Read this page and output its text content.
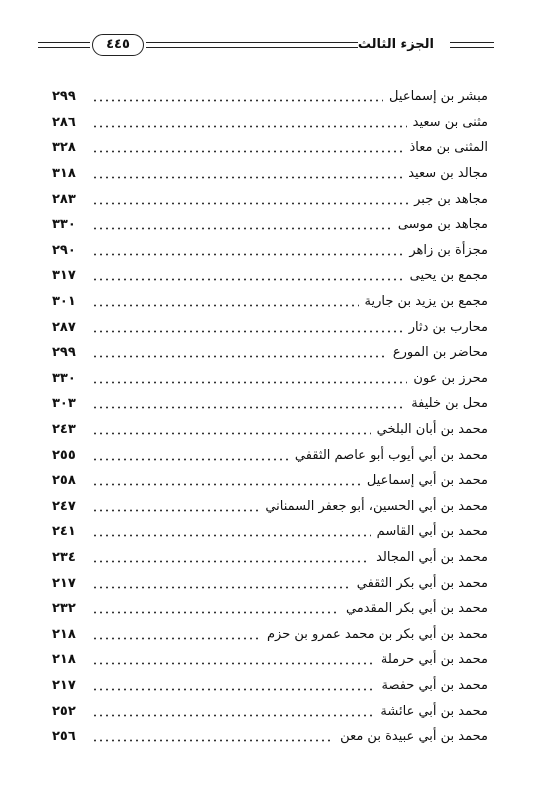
الجزء الثالث
٤٤٥
مبشر بن إسماعيل
٢٩٩
مثنى بن سعيد
٢٨٦
المثنى بن معاذ
٣٢٨
مجالد بن سعيد
٣١٨
مجاهد بن جبر
٢٨٣
مجاهد بن موسى
٣٣٠
مجزأة بن زاهر
٢٩٠
مجمع بن يحيى
٣١٧
مجمع بن يزيد بن جارية
٣٠١
محارب بن دثار
٢٨٧
محاضر بن المورع
٢٩٩
محرز بن عون
٣٣٠
محل بن خليفة
٣٠٣
محمد بن أبان البلخي
٢٤٣
محمد بن أبي أيوب أبو عاصم الثقفي
٢٥٥
محمد بن أبي إسماعيل
٢٥٨
محمد بن أبي الحسين، أبو جعفر السمناني
٢٤٧
محمد بن أبي القاسم
٢٤١
محمد بن أبي المجالد
٢٣٤
محمد بن أبي بكر الثقفي
٢١٧
محمد بن أبي بكر المقدمي
٢٣٢
محمد بن أبي بكر بن محمد عمرو بن حزم
٢١٨
محمد بن أبي حرملة
٢١٨
محمد بن أبي حفصة
٢١٧
محمد بن أبي عائشة
٢٥٢
محمد بن أبي عبيدة بن معن
٢٥٦
